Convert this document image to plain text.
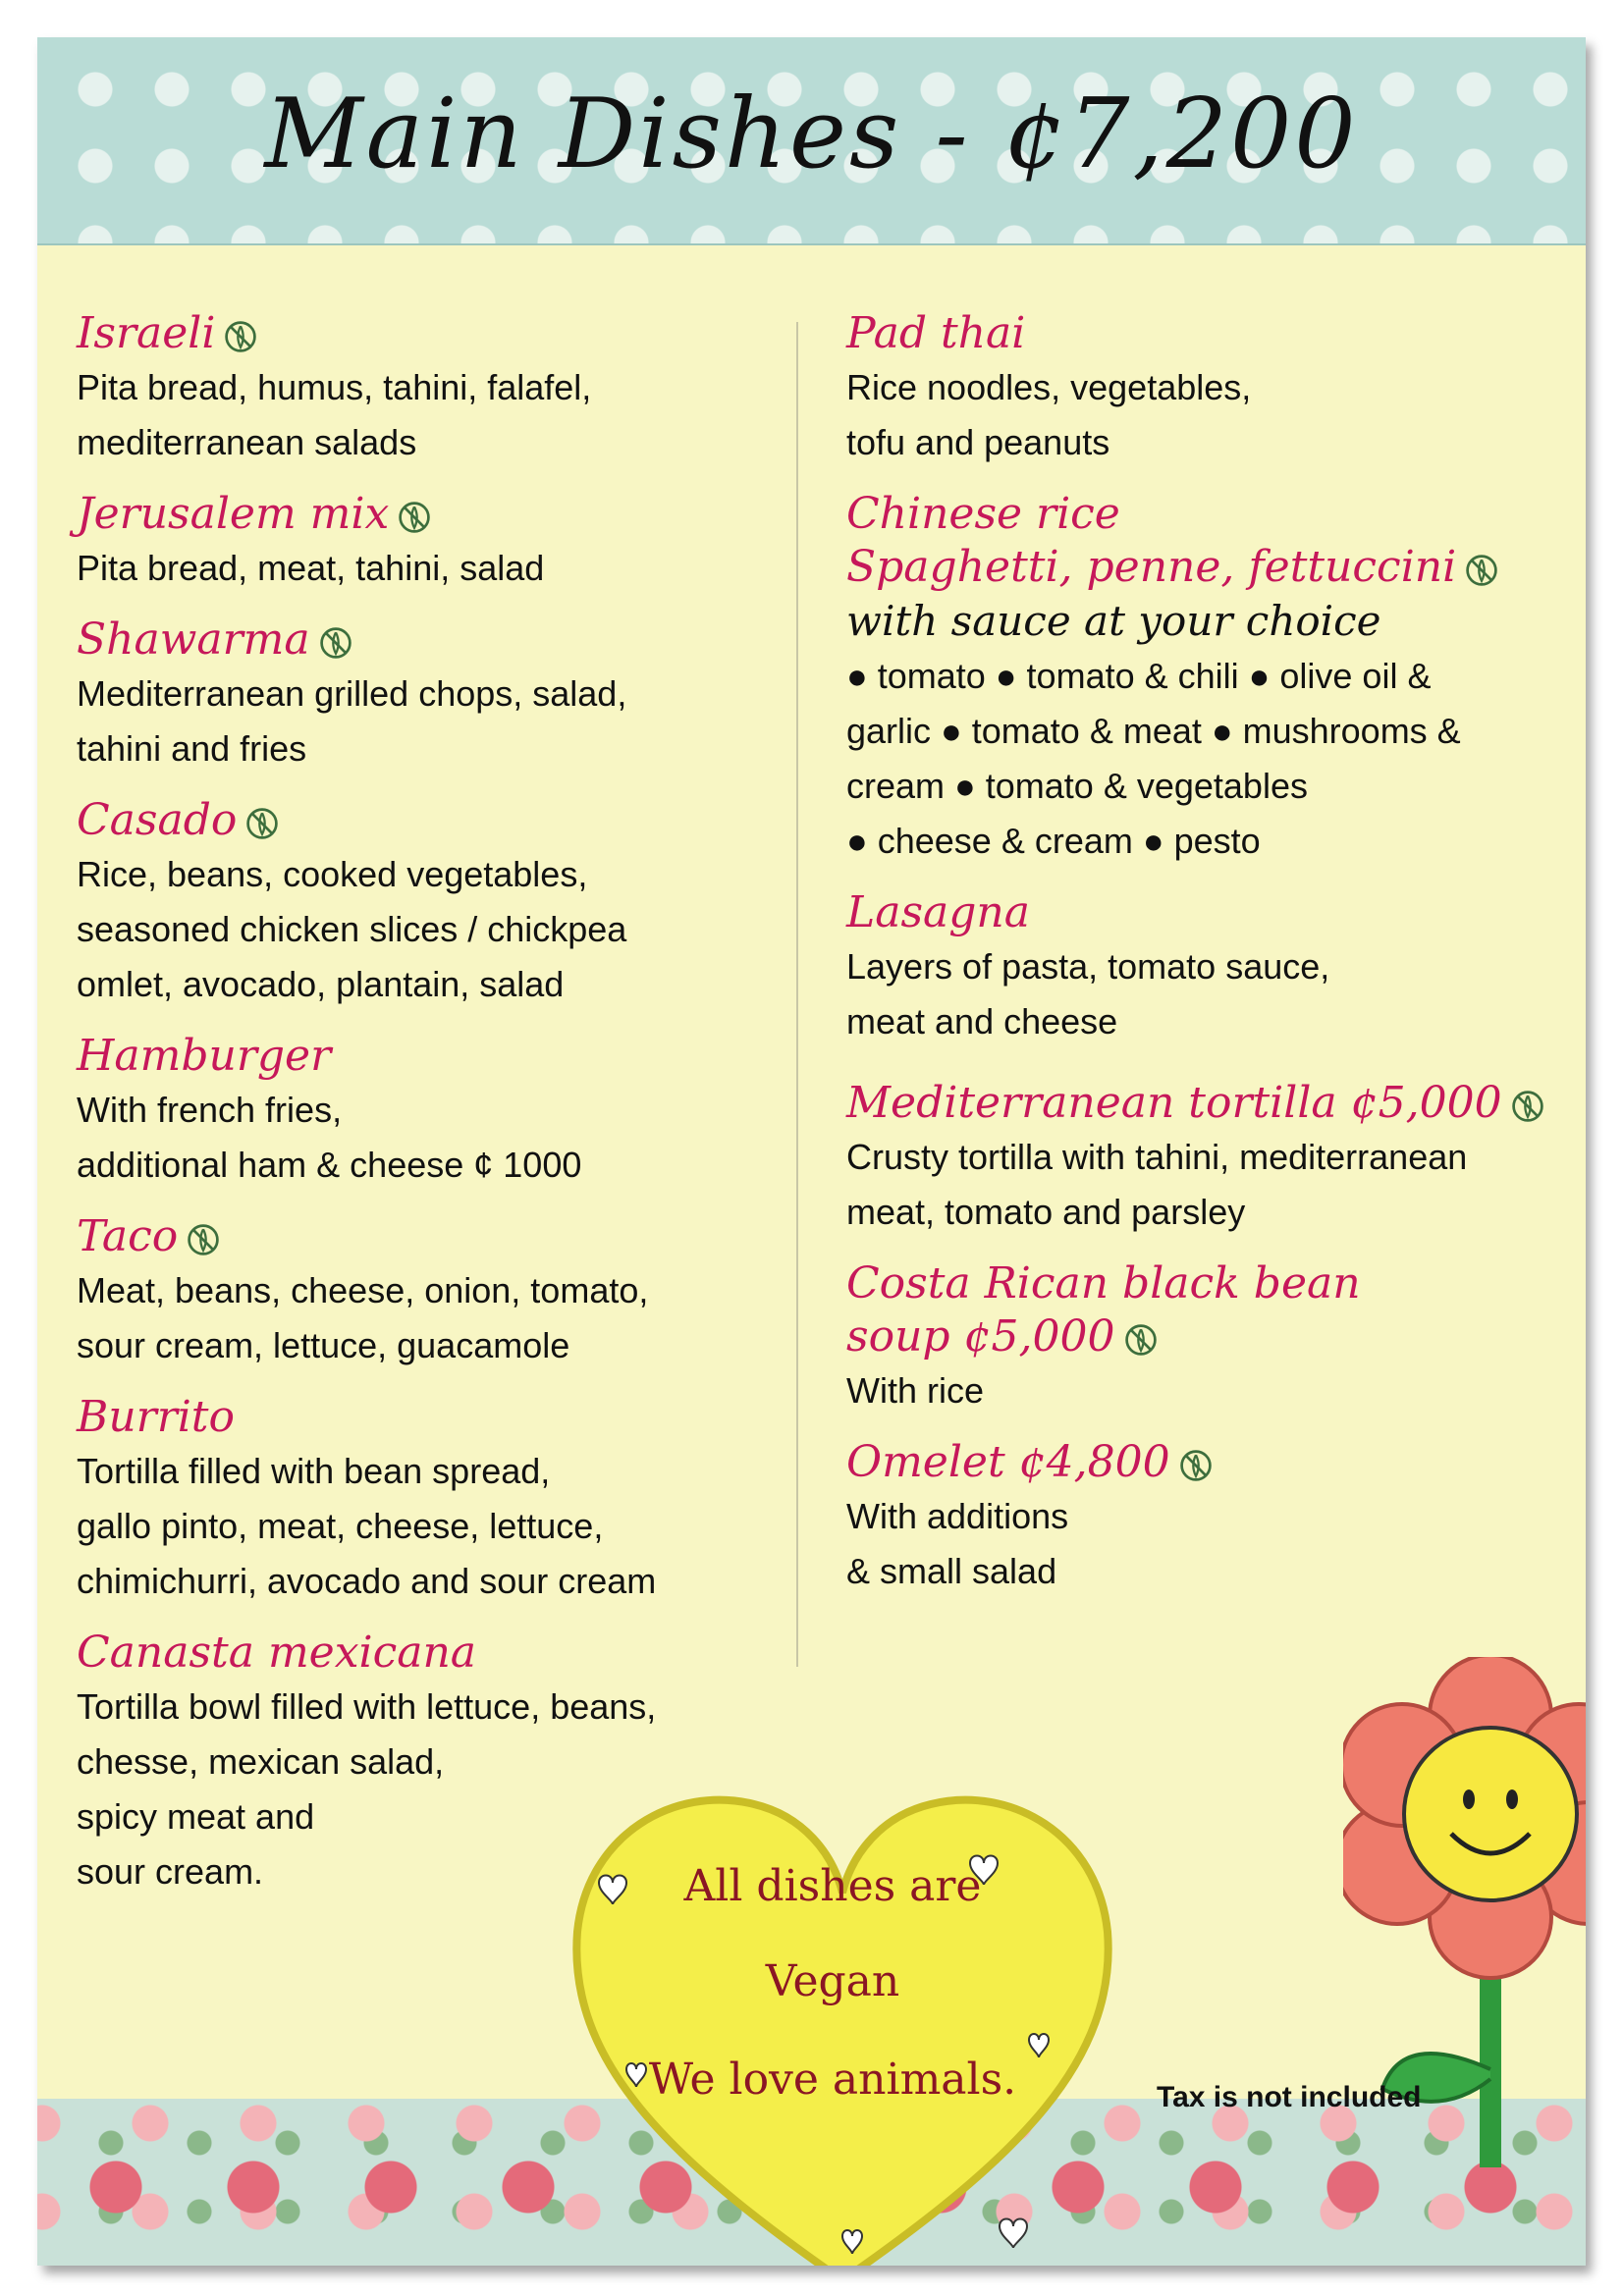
Main Dishes - ¢7,200
Israeli
Pita bread, humus, tahini, falafel,
mediterranean salads
Jerusalem mix
Pita bread, meat, tahini, salad
Shawarma
Mediterranean grilled chops, salad,
tahini and fries
Casado
Rice, beans, cooked vegetables,
seasoned chicken slices / chickpea
omlet, avocado, plantain, salad
Hamburger
With french fries,
additional ham & cheese ¢ 1000
Taco
Meat, beans, cheese, onion, tomato,
sour cream, lettuce, guacamole
Burrito
Tortilla filled with bean spread,
gallo pinto, meat, cheese, lettuce,
chimichurri, avocado and sour cream
Canasta mexicana
Tortilla bowl filled with lettuce, beans,
chesse, mexican salad,
spicy meat and
sour cream.
Pad thai
Rice noodles, vegetables,
tofu and peanuts
Chinese rice
Spaghetti, penne, fettuccini
with sauce at your choice
● tomato ● tomato & chili ● olive oil &
garlic ● tomato & meat ● mushrooms &
cream ● tomato & vegetables
● cheese & cream ● pesto
Lasagna
Layers of pasta, tomato sauce,
meat and cheese
Mediterranean tortilla ¢5,000
Crusty tortilla with tahini, mediterranean
meat, tomato and parsley
Costa Rican black bean
soup ¢5,000
With rice
Omelet ¢4,800
With additions
& small salad
All dishes are
Vegan
We love animals.	Tax is not included
